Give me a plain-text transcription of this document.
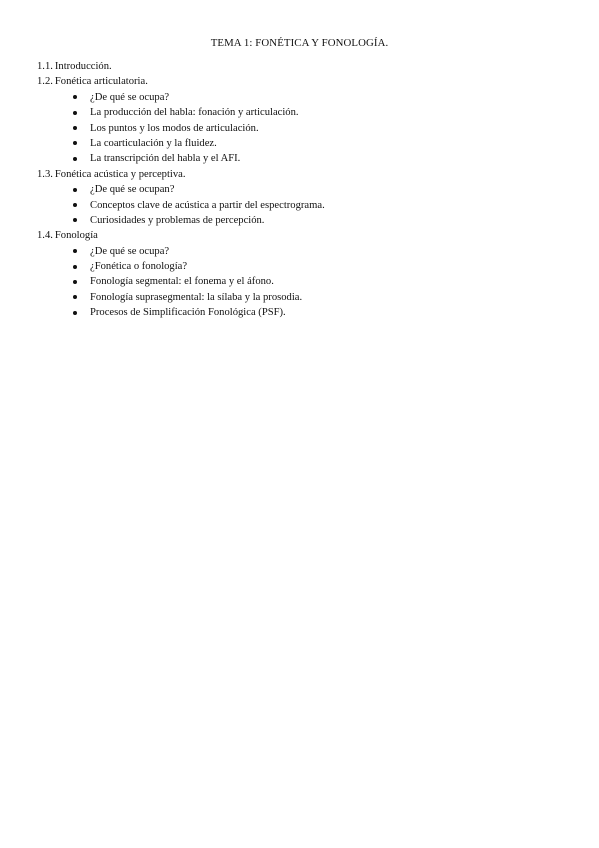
TEMA 1: FONÉTICA Y FONOLOGÍA.
1.1. Introducción.
1.2. Fonética articulatoria.
¿De qué se ocupa?
La producción del habla: fonación y articulación.
Los puntos y los modos de articulación.
La coarticulación y la fluidez.
La transcripción del habla y el AFI.
1.3. Fonética acústica y perceptiva.
¿De qué se ocupan?
Conceptos clave de acústica a partir del espectrograma.
Curiosidades y problemas de percepción.
1.4. Fonología
¿De qué se ocupa?
¿Fonética o fonología?
Fonología segmental: el fonema y el áfono.
Fonología suprasegmental: la sílaba y la prosodia.
Procesos de Simplificación Fonológica (PSF).
